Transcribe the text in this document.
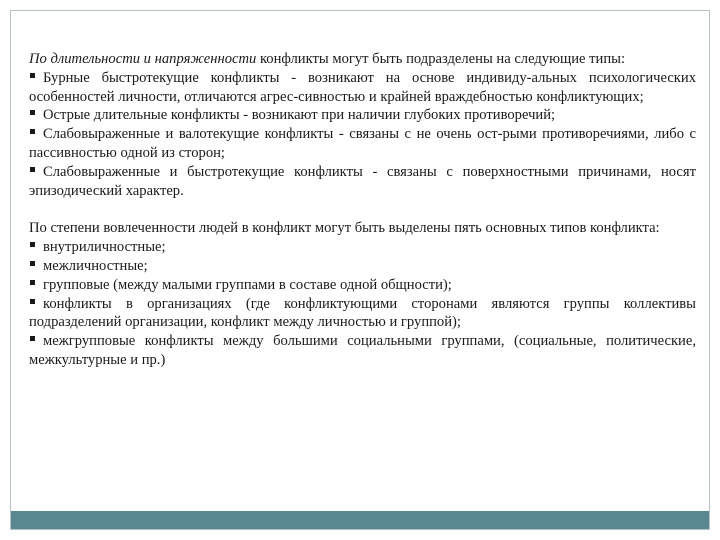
По длительности и напряженности конфликты могут быть подразделены на следующие типы:

Бурные быстротекущие конфликты - возникают на основе индивиду-альных психологических особенностей личности, отличаются агрес-сивностью и крайней враждебностью конфликтующих;

Острые длительные конфликты - возникают при наличии глубоких противоречий;

Слабовыраженные и валотекущие конфликты - связаны с не очень ост-рыми противоречиями, либо с пассивностью одной из сторон;

Слабовыраженные и быстротекущие конфликты - связаны с поверхностными причинами, носят эпизодический характер.

По степени вовлеченности людей в конфликт могут быть выделены пять основных типов конфликта:

внутриличностные;

межличностные;

групповые (между малыми группами в составе одной общности);

конфликты в организациях (где конфликтующими сторонами являются группы коллективы подразделений организации, конфликт между личностью и группой);

межгрупповые конфликты между большими социальными группами, (социальные, политические, межкультурные и пр.)
